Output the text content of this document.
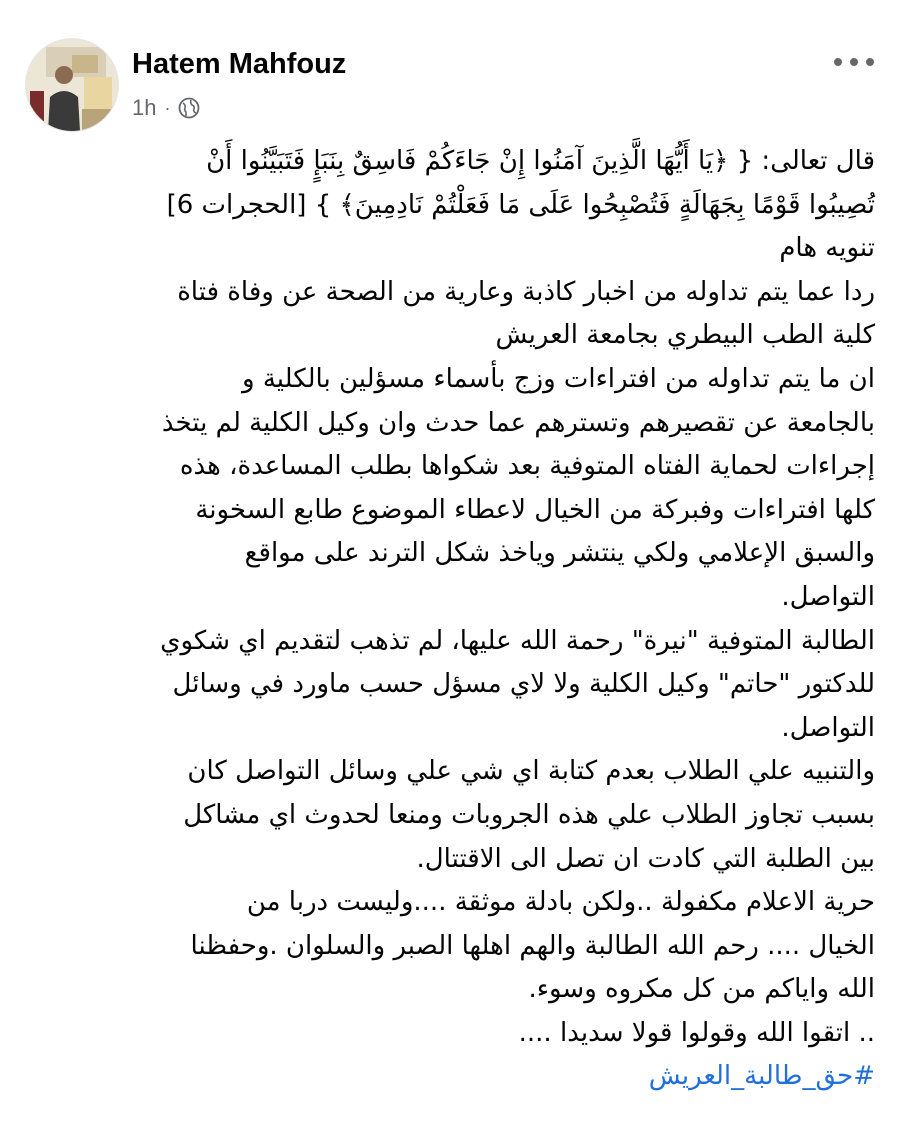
Hatem Mahfouz
1h ·
قال تعالى: { ﴿يَا أَيُّهَا الَّذِينَ آمَنُوا إِنْ جَاءَكُمْ فَاسِقٌ بِنَبَإٍ فَتَبَيَّنُوا أَنْ
تُصِيبُوا قَوْمًا بِجَهَالَةٍ فَتُصْبِحُوا عَلَى مَا فَعَلْتُمْ نَادِمِينَ﴾ } [الحجرات 6]
تنويه هام
ردا عما يتم تداوله من اخبار كاذبة وعارية من الصحة عن وفاة فتاة
كلية الطب البيطري بجامعة العريش
ان ما يتم تداوله من افتراءات وزج بأسماء مسؤلين بالكلية و
بالجامعة عن تقصيرهم وتسترهم عما حدث وان وكيل الكلية لم يتخذ
إجراءات لحماية الفتاه المتوفية بعد شكواها بطلب المساعدة، هذه
كلها افتراءات وفبركة من الخيال لاعطاء الموضوع طابع السخونة
والسبق الإعلامي ولكي ينتشر وياخذ شكل الترند على مواقع
التواصل.
الطالبة المتوفية "نيرة" رحمة الله عليها، لم تذهب لتقديم اي شكوي
للدكتور "حاتم" وكيل الكلية ولا لاي مسؤل حسب ماورد في وسائل
التواصل.
والتنبيه علي الطلاب بعدم كتابة اي شي علي وسائل التواصل كان
بسبب تجاوز الطلاب علي هذه الجروبات ومنعا لحدوث اي مشاكل
بين الطلبة التي كادت ان تصل الى الاقتتال.
حرية الاعلام مكفولة ..ولكن بادلة موثقة ....وليست دربا من
الخيال .... رحم الله الطالبة والهم اهلها الصبر والسلوان .وحفظنا
الله واياكم من كل مكروه وسوء.
.. اتقوا الله وقولوا قولا سديدا ....
#حق_طالبة_العريش
